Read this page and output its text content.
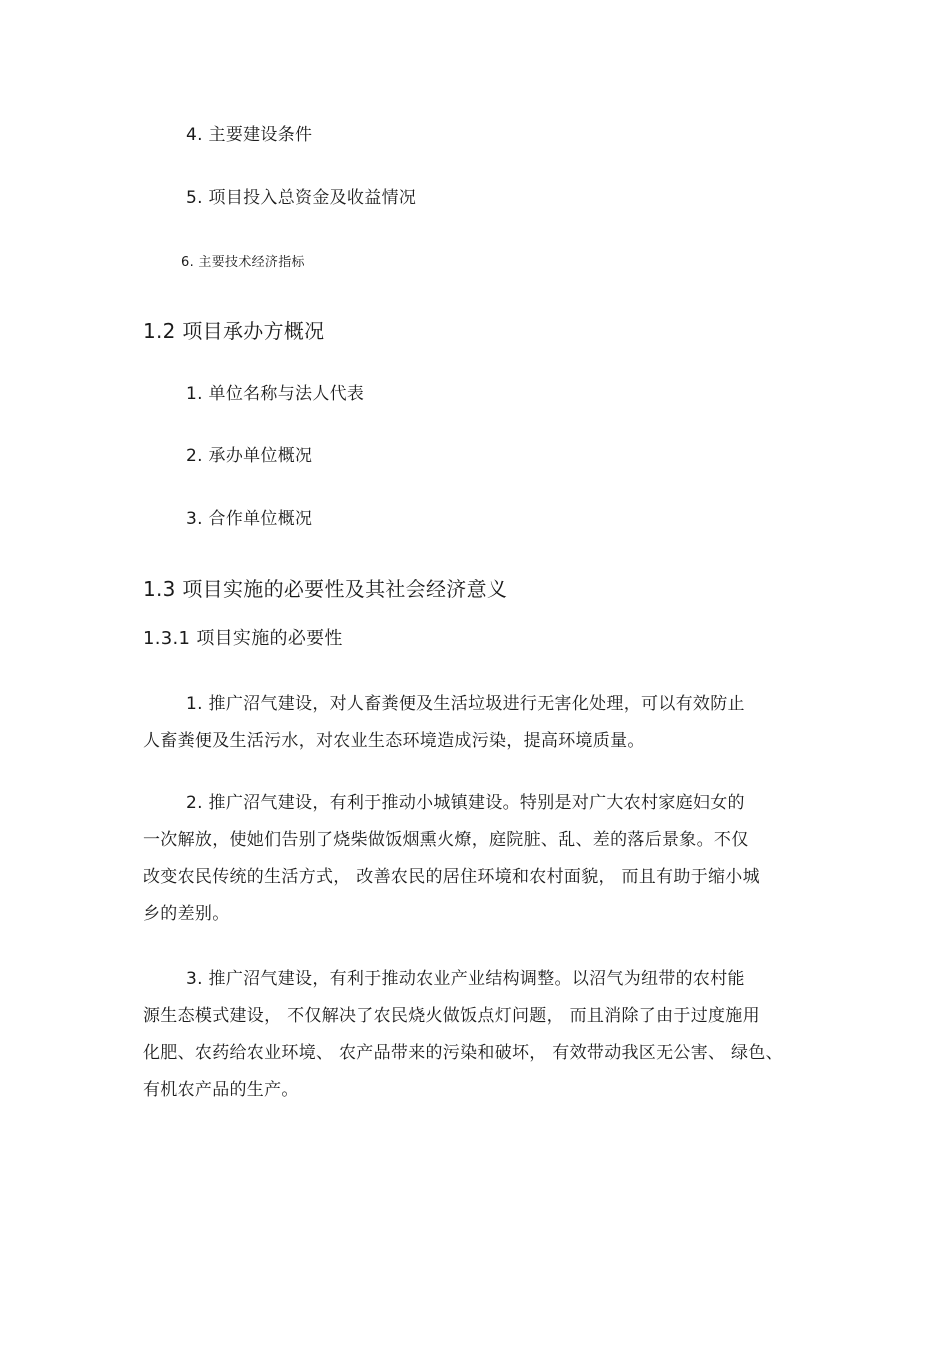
4. 主要建设条件
5. 项目投入总资金及收益情况
6. 主要技术经济指标
1.2 项目承办方概况
1. 单位名称与法人代表
2. 承办单位概况
3. 合作单位概况
1.3 项目实施的必要性及其社会经济意义
1.3.1 项目实施的必要性
1. 推广沼气建设，对人畜粪便及生活垃圾进行无害化处理，可以有效防止
人畜粪便及生活污水，对农业生态环境造成污染，提高环境质量。
2. 推广沼气建设，有利于推动小城镇建设。特别是对广大农村家庭妇女的
一次解放，使她们告别了烧柴做饭烟熏火燎，庭院脏、乱、差的落后景象。不仅
改变农民传统的生活方式， 改善农民的居住环境和农村面貌， 而且有助于缩小城
乡的差别。
3. 推广沼气建设，有利于推动农业产业结构调整。以沼气为纽带的农村能
源生态模式建设， 不仅解决了农民烧火做饭点灯问题， 而且消除了由于过度施用
化肥、农药给农业环境、 农产品带来的污染和破坏， 有效带动我区无公害、 绿色、
有机农产品的生产。
